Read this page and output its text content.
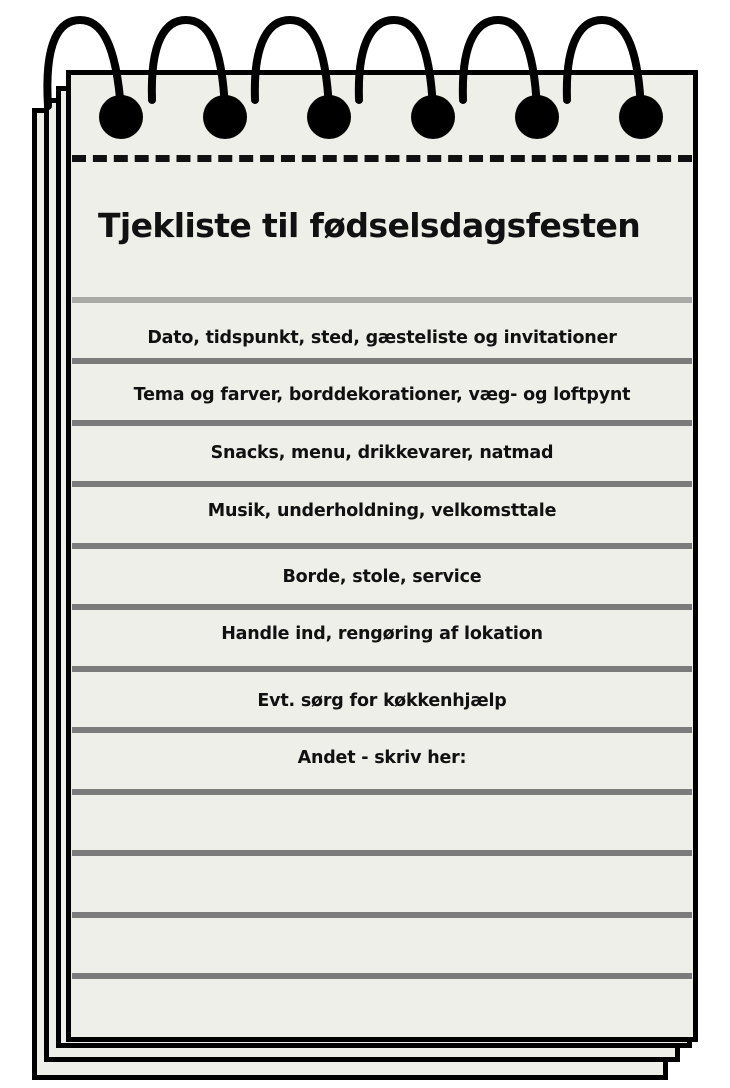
Tjekliste til fødselsdagsfesten
Dato, tidspunkt, sted, gæsteliste og invitationer
Tema og farver, borddekorationer, væg- og loftpynt
Snacks, menu, drikkevarer, natmad
Musik, underholdning, velkomsttale
Borde, stole, service
Handle ind, rengøring af lokation
Evt. sørg for køkkenhjælp
Andet - skriv her:
